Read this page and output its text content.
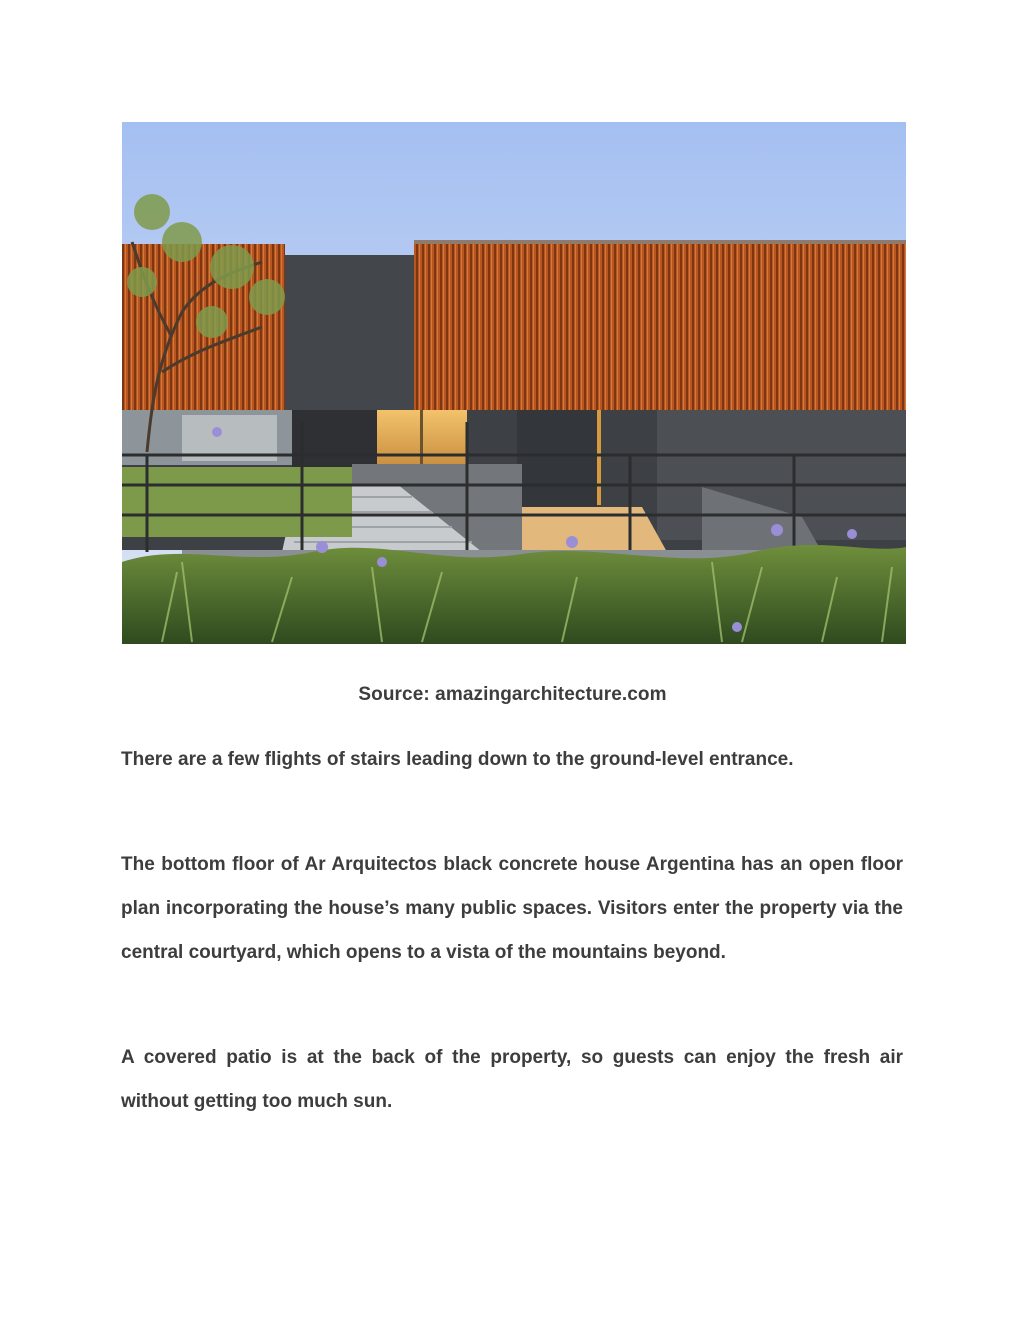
Source: amazingarchitecture.com

There are a few flights of stairs leading down to the ground-level entrance.

The bottom floor of Ar Arquitectos black concrete house Argentina has an open floor plan incorporating the house’s many public spaces. Visitors enter the property via the central courtyard, which opens to a vista of the mountains beyond.

A covered patio is at the back of the property, so guests can enjoy the fresh air without getting too much sun.
